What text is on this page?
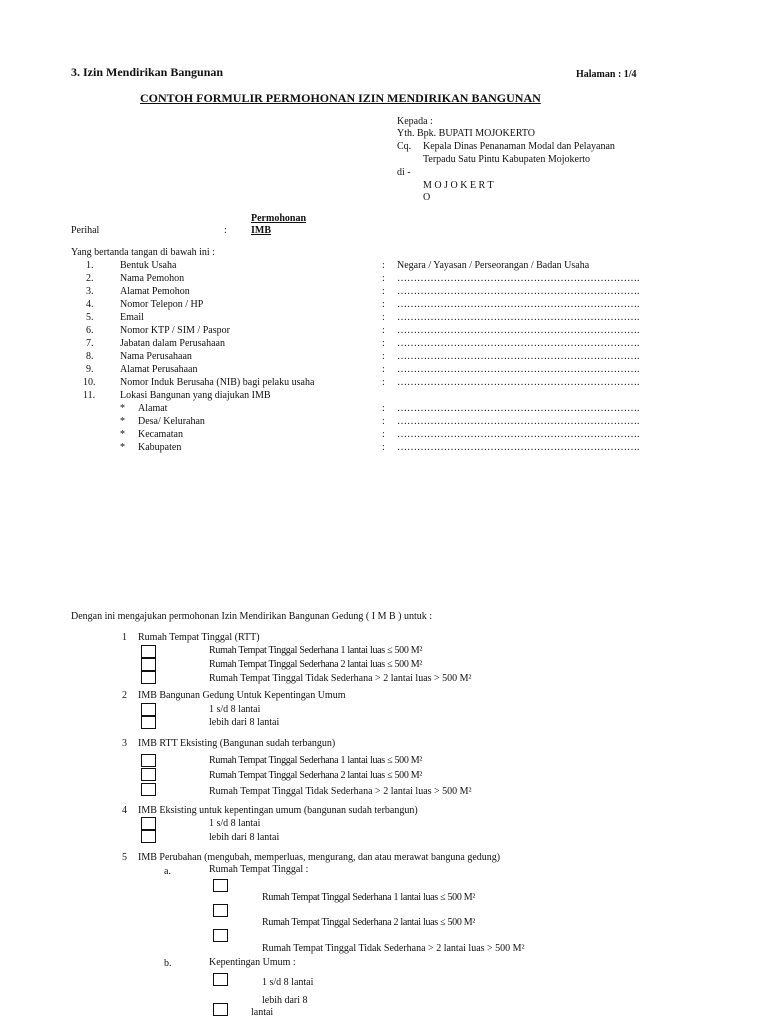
3. Izin Mendirikan Bangunan	Halaman : 1/4
CONTOH FORMULIR PERMOHONAN IZIN MENDIRIKAN BANGUNAN
Kepada :
Yth. Bpk. BUPATI MOJOKERTO
Cq. Kepala Dinas Penanaman Modal dan Pelayanan
Terpadu Satu Pintu Kabupaten Mojokerto
di -
M O J O K E R T
O
Permohonan
Perihal	: IMB
Yang bertanda tangan di bawah ini :
1.	Bentuk Usaha	: Negara / Yayasan / Perseorangan / Badan Usaha
2.	Nama Pemohon	: ……………………………………………………………….
3.	Alamat Pemohon	: ……………………………………………………………….
4.	Nomor Telepon / HP	: ……………………………………………………………….
5.	Email	: ……………………………………………………………….
6.	Nomor KTP / SIM / Paspor	: ……………………………………………………………….
7.	Jabatan dalam Perusahaan	: ……………………………………………………………….
8.	Nama Perusahaan	: ……………………………………………………………….
9.	Alamat Perusahaan	: ……………………………………………………………….
10. Nomor Induk Berusaha (NIB) bagi pelaku usaha	: ……………………………………………………………….
11. Lokasi Bangunan yang diajukan IMB
* Alamat	: ……………………………………………………………….
* Desa/ Kelurahan	: ……………………………………………………………….
* Kecamatan	: ……………………………………………………………….
* Kabupaten	: ……………………………………………………………….
Dengan ini mengajukan permohonan Izin Mendirikan Bangunan Gedung ( I M B ) untuk :
1 Rumah Tempat Tinggal (RTT)
Rumah Tempat Tinggal Sederhana 1 lantai luas ≤ 500 M²
Rumah Tempat Tinggal Sederhana 2 lantai luas ≤ 500 M²
Rumah Tempat Tinggal Tidak Sederhana > 2 lantai luas > 500 M²
2 IMB Bangunan Gedung Untuk Kepentingan Umum
1 s/d 8 lantai
lebih dari 8 lantai
3 IMB RTT Eksisting (Bangunan sudah terbangun)
Rumah Tempat Tinggal Sederhana 1 lantai luas ≤ 500 M²
Rumah Tempat Tinggal Sederhana 2 lantai luas ≤ 500 M²
Rumah Tempat Tinggal Tidak Sederhana > 2 lantai luas > 500 M²
4 IMB Eksisting untuk kepentingan umum (bangunan sudah terbangun)
1 s/d 8 lantai
lebih dari 8 lantai
5 IMB Perubahan (mengubah, memperluas, mengurang, dan atau merawat banguna gedung)
a.	Rumah Tempat Tinggal :
Rumah Tempat Tinggal Sederhana 1 lantai luas ≤ 500 M²
Rumah Tempat Tinggal Sederhana 2 lantai luas ≤ 500 M²
Rumah Tempat Tinggal Tidak Sederhana > 2 lantai luas > 500 M²
b.	Kepentingan Umum :
1 s/d 8 lantai
lebih dari 8
lantai
